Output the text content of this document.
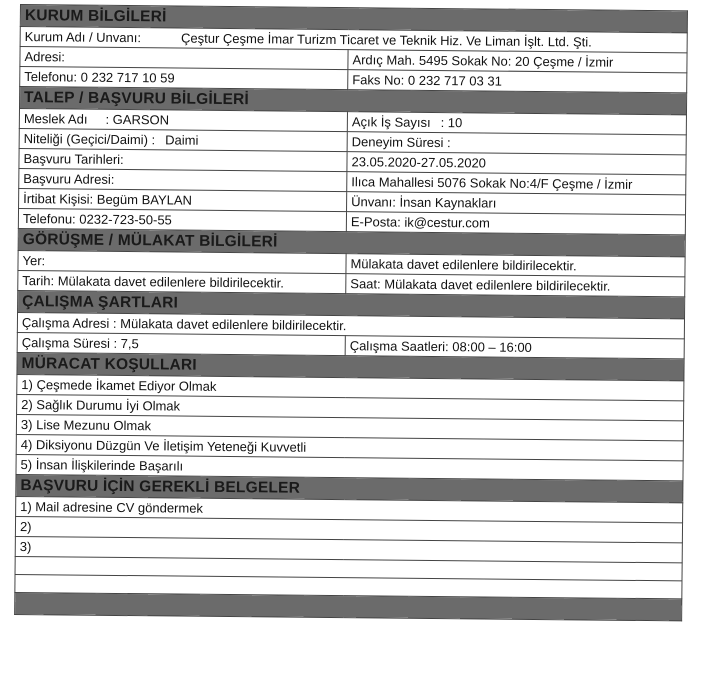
KURUM BİLGİLERİ	
Kurum Adı / Unvanı: Çeştur Çeşme İmar Turizm Ticaret ve Teknik Hiz. Ve Liman İşlt. Ltd. Şti.	
Adresi:	Ardıç Mah. 5495 Sokak No: 20 Çeşme / İzmir
Telefonu: 0 232 717 10 59	Faks No: 0 232 717 03 31
TALEP / BAŞVURU BİLGİLERİ	
Meslek Adı : GARSON	Açık İş Sayısı : 10
Niteliği (Geçici/Daimi) : Daimi	Deneyim Süresi :
Başvuru Tarihleri:	23.05.2020-27.05.2020
Başvuru Adresi:	Ilıca Mahallesi 5076 Sokak No:4/F Çeşme / İzmir
İrtibat Kişisi: Begüm BAYLAN	Ünvanı: İnsan Kaynakları
Telefonu: 0232-723-50-55	E-Posta: ik@cestur.com
GÖRÜŞME / MÜLAKAT BİLGİLERİ	
Yer:	Mülakata davet edilenlere bildirilecektir.
Tarih: Mülakata davet edilenlere bildirilecektir.	Saat: Mülakata davet edilenlere bildirilecektir.
ÇALIŞMA ŞARTLARI	
Çalışma Adresi : Mülakata davet edilenlere bildirilecektir.	
Çalışma Süresi : 7,5	Çalışma Saatleri: 08:00 – 16:00
MÜRACAT KOŞULLARI	
1) Çeşmede İkamet Ediyor Olmak	
2) Sağlık Durumu İyi Olmak	
3) Lise Mezunu Olmak	
4) Diksiyonu Düzgün Ve İletişim Yeteneği Kuvvetli	
5) İnsan İlişkilerinde Başarılı	
BAŞVURU İÇİN GEREKLİ BELGELER	
1) Mail adresine CV göndermek	
2)	
3)	
